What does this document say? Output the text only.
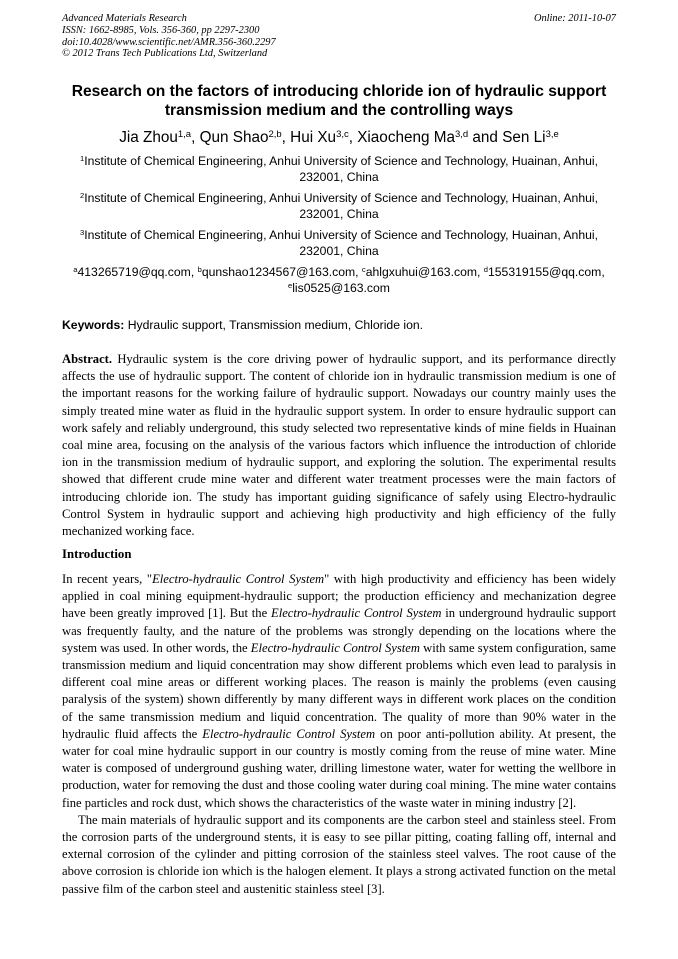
Advanced Materials Research
ISSN: 1662-8985, Vols. 356-360, pp 2297-2300
doi:10.4028/www.scientific.net/AMR.356-360.2297
© 2012 Trans Tech Publications Ltd, Switzerland
Online: 2011-10-07
Research on the factors of introducing chloride ion of hydraulic support transmission medium and the controlling ways
Jia Zhou$^{1,a}$, Qun Shao$^{2,b}$, Hui Xu$^{3,c}$, Xiaocheng Ma$^{3,d}$ and Sen Li$^{3,e}$
$^1$Institute of Chemical Engineering, Anhui University of Science and Technology, Huainan, Anhui, 232001, China
$^2$Institute of Chemical Engineering, Anhui University of Science and Technology, Huainan, Anhui, 232001, China
$^3$Institute of Chemical Engineering, Anhui University of Science and Technology, Huainan, Anhui, 232001, China
$^a$413265719@qq.com, $^b$qunshao1234567@163.com, $^c$ahlgxuhui@163.com, $^d$155319155@qq.com, $^e$lis0525@163.com
Keywords: Hydraulic support, Transmission medium, Chloride ion.

Abstract. Hydraulic system is the core driving power of hydraulic support, and its performance directly affects the use of hydraulic support. The content of chloride ion in hydraulic transmission medium is one of the important reasons for the working failure of hydraulic support. Nowadays our country mainly uses the simply treated mine water as fluid in the hydraulic support system. In order to ensure hydraulic support can work safely and reliably underground, this study selected two representative kinds of mine fields in Huainan coal mine area, focusing on the analysis of the various factors which influence the introduction of chloride ion in the transmission medium of hydraulic support, and exploring the solution. The experimental results showed that different crude mine water and different water treatment processes were the main factors of introducing chloride ion. The study has important guiding significance of safely using Electro-hydraulic Control System in hydraulic support and achieving high productivity and high efficiency of the fully mechanized working face.

Introduction

In recent years, "Electro-hydraulic Control System" with high productivity and efficiency has been widely applied in coal mining equipment-hydraulic support; the production efficiency and mechanization degree have been greatly improved [1]. But the Electro-hydraulic Control System in underground hydraulic support was frequently faulty, and the nature of the problems was strongly depending on the locations where the system was used. In other words, the Electro-hydraulic Control System with same system configuration, same transmission medium and liquid concentration may show different problems which even lead to paralysis in different coal mine areas or different working places. The reason is mainly the problems (even causing paralysis of the system) shown differently by many different ways in different work places on the condition of the same transmission medium and liquid concentration. The quality of more than 90% water in the hydraulic fluid affects the Electro-hydraulic Control System on poor anti-pollution ability. At present, the water for coal mine hydraulic support in our country is mostly coming from the reuse of mine water. Mine water is composed of underground gushing water, drilling limestone water, water for wetting the wellbore in production, water for removing the dust and those cooling water during coal mining. The mine water contains fine particles and rock dust, which shows the characteristics of the waste water in mining industry [2].

The main materials of hydraulic support and its components are the carbon steel and stainless steel. From the corrosion parts of the underground stents, it is easy to see pillar pitting, coating falling off, internal and external corrosion of the cylinder and pitting corrosion of the stainless steel valves. The root cause of the above corrosion is chloride ion which is the halogen element. It plays a strong activated function on the metal passive film of the carbon steel and austenitic stainless steel [3].
